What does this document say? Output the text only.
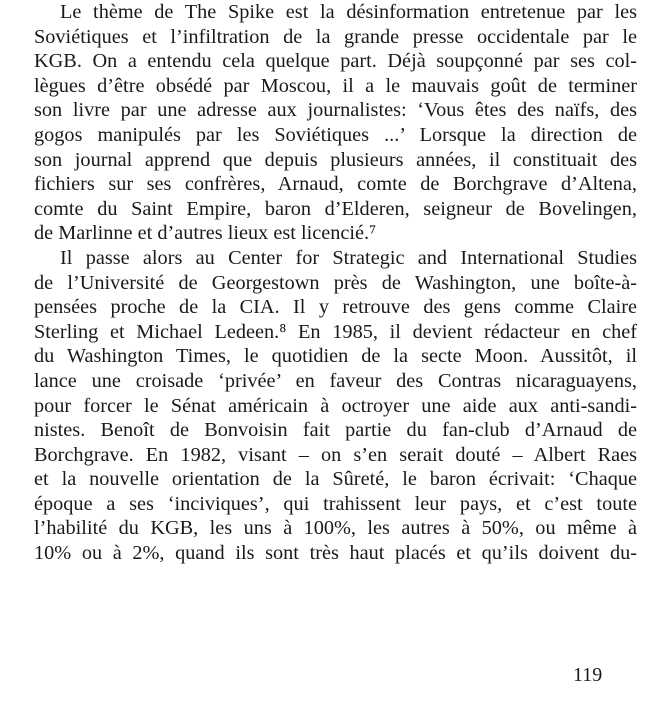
Le thème de The Spike est la désinformation entretenue par les
Soviétiques et l’infiltration de la grande presse occidentale par le
KGB. On a entendu cela quelque part. Déjà soupçonné par ses col-
lègues d’être obsédé par Moscou, il a le mauvais goût de terminer
son livre par une adresse aux journalistes: ‘Vous êtes des naïfs, des
gogos manipulés par les Soviétiques ...’ Lorsque la direction de
son journal apprend que depuis plusieurs années, il constituait des
fichiers sur ses confrères, Arnaud, comte de Borchgrave d’Altena,
comte du Saint Empire, baron d’Elderen, seigneur de Bovelingen,
de Marlinne et d’autres lieux est licencié.⁷
Il passe alors au Center for Strategic and International Studies
de l’Université de Georgestown près de Washington, une boîte-à-
pensées proche de la CIA. Il y retrouve des gens comme Claire
Sterling et Michael Ledeen.⁸ En 1985, il devient rédacteur en chef
du Washington Times, le quotidien de la secte Moon. Aussitôt, il
lance une croisade ‘privée’ en faveur des Contras nicaraguayens,
pour forcer le Sénat américain à octroyer une aide aux anti-sandi-
nistes. Benoît de Bonvoisin fait partie du fan-club d’Arnaud de
Borchgrave. En 1982, visant – on s’en serait douté – Albert Raes
et la nouvelle orientation de la Sûreté, le baron écrivait: ‘Chaque
époque a ses ‘inciviques’, qui trahissent leur pays, et c’est toute
l’habilité du KGB, les uns à 100%, les autres à 50%, ou même à
10% ou à 2%, quand ils sont très haut placés et qu’ils doivent du-
119
